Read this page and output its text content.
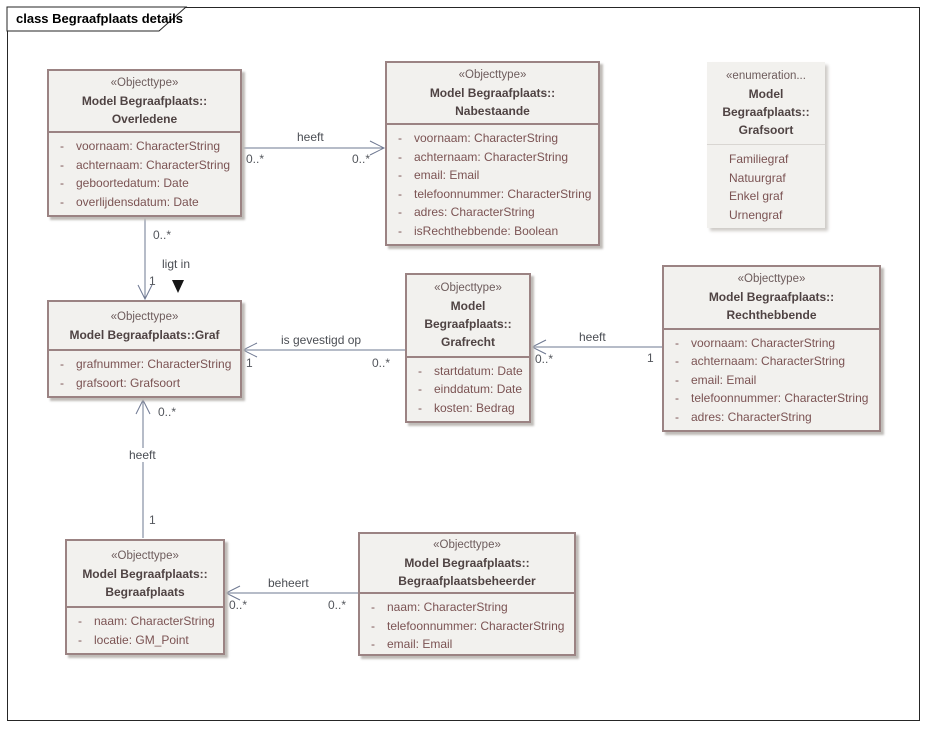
class Begraafplaats details
«Objecttype»
Model Begraafplaats::
Overledene
-	voornaam: CharacterString
-	achternaam: CharacterString
-	geboortedatum: Date
-	overlijdensdatum: Date
«Objecttype»
Model Begraafplaats::
Nabestaande
-	voornaam: CharacterString
-	achternaam: CharacterString
-	email: Email
-	telefoonnummer: CharacterString
-	adres: CharacterString
-	isRechthebbende: Boolean
«enumeration...
Model
Begraafplaats::
Grafsoort
Familiegraf
Natuurgraf
Enkel graf
Urnengraf
«Objecttype»
Model Begraafplaats::Graf
-	grafnummer: CharacterString
-	grafsoort: Grafsoort
«Objecttype»
Model
Begraafplaats::
Grafrecht
-	startdatum: Date
-	einddatum: Date
-	kosten: Bedrag
«Objecttype»
Model Begraafplaats::
Rechthebbende
-	voornaam: CharacterString
-	achternaam: CharacterString
-	email: Email
-	telefoonnummer: CharacterString
-	adres: CharacterString
«Objecttype»
Model Begraafplaats::
Begraafplaats
-	naam: CharacterString
-	locatie: GM_Point
«Objecttype»
Model Begraafplaats::
Begraafplaatsbeheerder
-	naam: CharacterString
-	telefoonnummer: CharacterString
-	email: Email
heeft
0..*	0..*
0..*
ligt in
1
is gevestigd op
1	0..*
heeft
0..*	1
0..*
heeft
1
beheert
0..*	0..*
